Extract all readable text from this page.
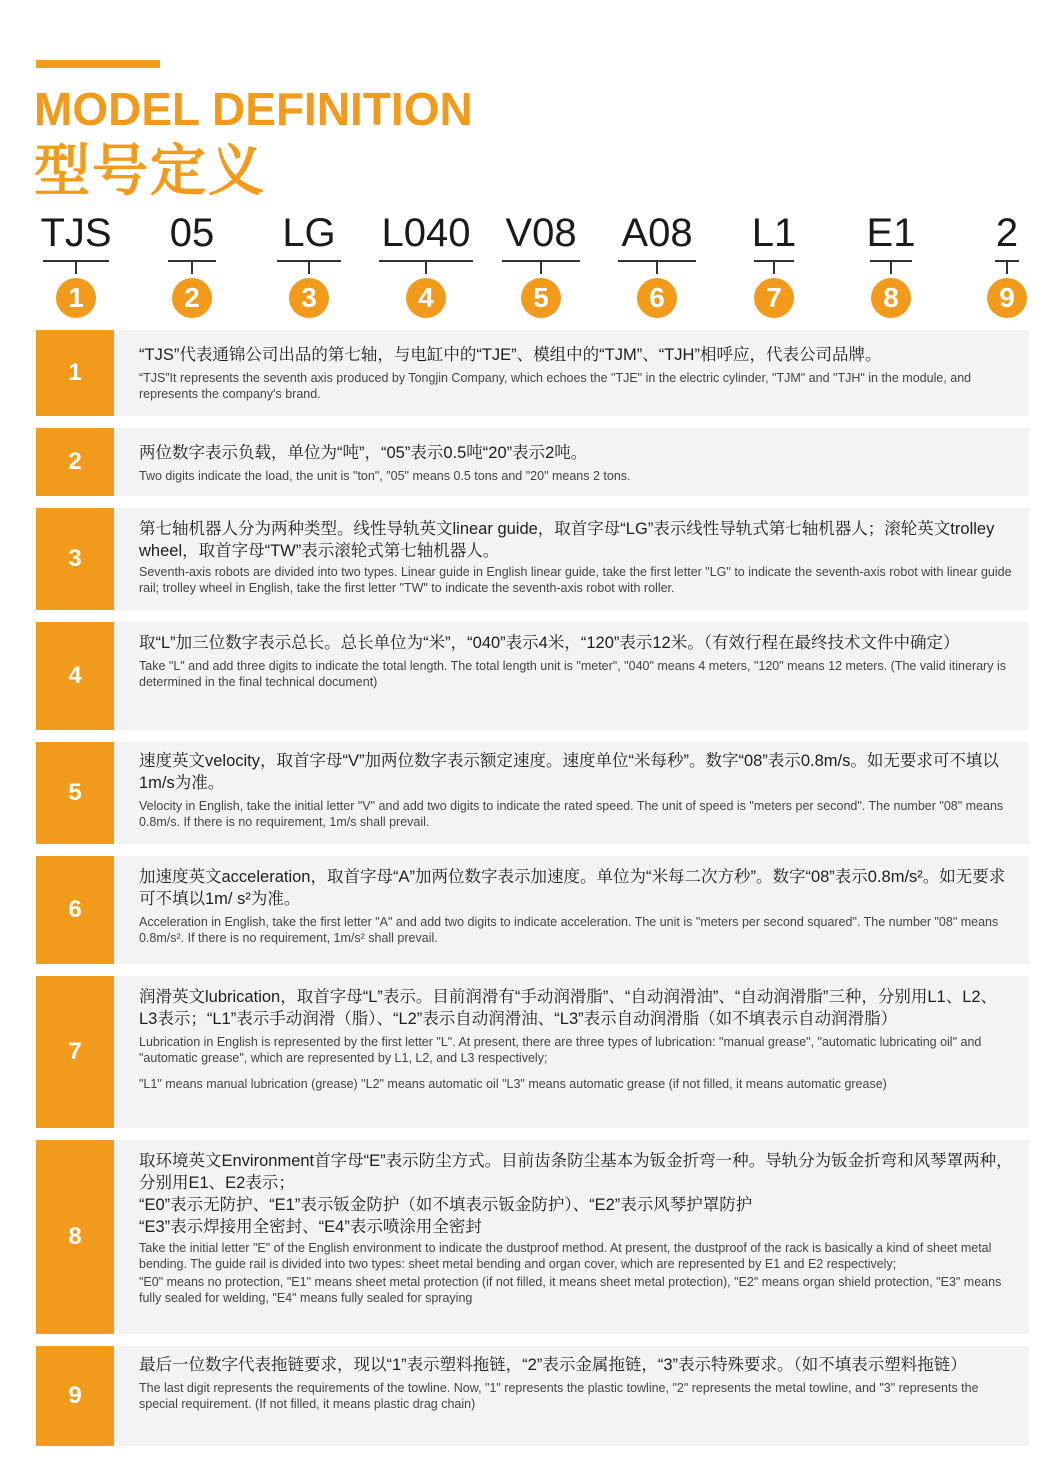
MODEL DEFINITION
型号定义
TJS
1
05
2
LG
3
L040
4
V08
5
A08
6
L1
7
E1
8
2
9
1

“TJS”代表通锦公司出品的第七轴，与电缸中的“TJE”、模组中的“TJM”、“TJH”相呼应，代表公司品牌。

“TJS”It represents the seventh axis produced by Tongjin Company, which echoes the "TJE" in the electric cylinder, "TJM" and "TJH" in the module, and represents the company's brand.

2	两位数字表示负载，单位为“吨”，“05”表示0.5吨“20”表示2吨。

Two digits indicate the load, the unit is "ton", "05" means 0.5 tons and "20" means 2 tons.

3

第七轴机器人分为两种类型。线性导轨英文linear guide，取首字母“LG”表示线性导轨式第七轴机器人；滚轮英文trolley wheel，取首字母“TW”表示滚轮式第七轴机器人。

Seventh-axis robots are divided into two types. Linear guide in English linear guide, take the first letter "LG" to indicate the seventh-axis robot with linear guide rail; trolley wheel in English, take the first letter "TW" to indicate the seventh-axis robot with roller.

4

取“L”加三位数字表示总长。总长单位为“米”，“040”表示4米，“120”表示12米。（有效行程在最终技术文件中确定）

Take "L" and add three digits to indicate the total length. The total length unit is "meter", "040" means 4 meters, "120" means 12 meters. (The valid itinerary is determined in the final technical document)

5

速度英文velocity，取首字母“V”加两位数字表示额定速度。速度单位“米每秒”。数字“08”表示0.8m/s。如无要求可不填以1m/s为准。

Velocity in English, take the initial letter "V" and add two digits to indicate the rated speed. The unit of speed is "meters per second". The number "08" means 0.8m/s. If there is no requirement, 1m/s shall prevail.

6

加速度英文acceleration，取首字母“A”加两位数字表示加速度。单位为“米每二次方秒”。数字“08”表示0.8m/s²。如无要求可不填以1m/ s²为准。

Acceleration in English, take the first letter "A" and add two digits to indicate acceleration. The unit is "meters per second squared". The number "08" means 0.8m/s². If there is no requirement, 1m/s² shall prevail.

7

润滑英文lubrication，取首字母“L”表示。目前润滑有“手动润滑脂”、“自动润滑油”、“自动润滑脂”三种，分别用L1、L2、L3表示；“L1”表示手动润滑（脂）、“L2”表示自动润滑油、“L3”表示自动润滑脂（如不填表示自动润滑脂）

Lubrication in English is represented by the first letter "L". At present, there are three types of lubrication: "manual grease", "automatic lubricating oil" and "automatic grease", which are represented by L1, L2, and L3 respectively;

"L1" means manual lubrication (grease) "L2" means automatic oil "L3" means automatic grease (if not filled, it means automatic grease)

8

取环境英文Environment首字母“E”表示防尘方式。目前齿条防尘基本为钣金折弯一种。导轨分为钣金折弯和风琴罩两种，分别用E1、E2表示；

“E0”表示无防护、“E1”表示钣金防护（如不填表示钣金防护）、“E2”表示风琴护罩防护

“E3”表示焊接用全密封、“E4”表示喷涂用全密封

Take the initial letter "E" of the English environment to indicate the dustproof method. At present, the dustproof of the rack is basically a kind of sheet metal bending. The guide rail is divided into two types: sheet metal bending and organ cover, which are represented by E1 and E2 respectively;

"E0" means no protection, "E1" means sheet metal protection (if not filled, it means sheet metal protection), "E2" means organ shield protection, "E3" means fully sealed for welding, "E4" means fully sealed for spraying

9

最后一位数字代表拖链要求，现以“1”表示塑料拖链，“2”表示金属拖链，“3”表示特殊要求。（如不填表示塑料拖链）

The last digit represents the requirements of the towline. Now, "1" represents the plastic towline, "2" represents the metal towline, and "3" represents the special requirement. (If not filled, it means plastic drag chain)
